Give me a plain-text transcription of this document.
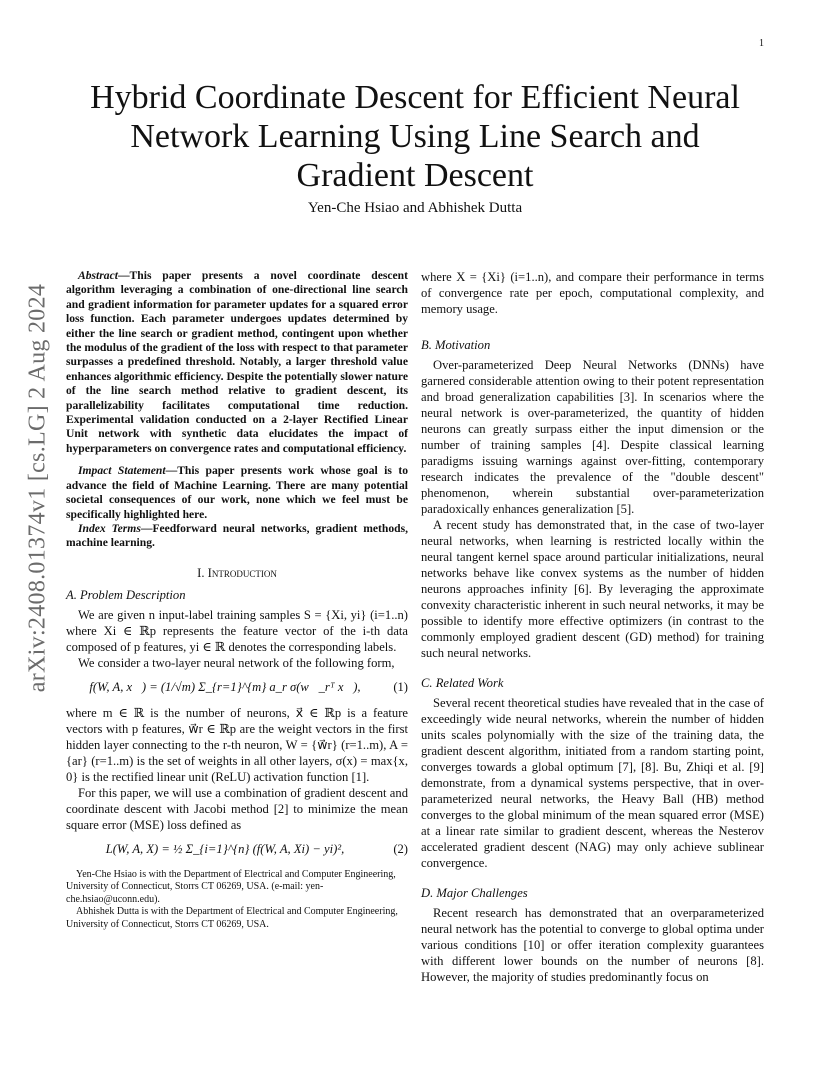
1
arXiv:2408.01374v1 [cs.LG] 2 Aug 2024
Hybrid Coordinate Descent for Efficient Neural Network Learning Using Line Search and Gradient Descent
Yen-Che Hsiao and Abhishek Dutta

Abstract—This paper presents a novel coordinate descent algorithm leveraging a combination of one-directional line search and gradient information for parameter updates for a squared error loss function. Each parameter undergoes updates determined by either the line search or gradient method, contingent upon whether the modulus of the gradient of the loss with respect to that parameter surpasses a predefined threshold. Notably, a larger threshold value enhances algorithmic efficiency. Despite the potentially slower nature of the line search method relative to gradient descent, its parallelizability facilitates computational time reduction. Experimental validation conducted on a 2-layer Rectified Linear Unit network with synthetic data elucidates the impact of hyperparameters on convergence rates and computational efficiency.

Impact Statement—This paper presents work whose goal is to advance the field of Machine Learning. There are many potential societal consequences of our work, none which we feel must be specifically highlighted here.

Index Terms—Feedforward neural networks, gradient methods, machine learning.

I. Introduction
A. Problem Description

We are given n input-label training samples S = {Xi, yi} (i=1..n) where Xi ∈ ℝp represents the feature vector of the i-th data composed of p features, yi ∈ ℝ denotes the corresponding labels.

We consider a two-layer neural network of the following form,

f(W, A, x⃗) = (1/√m) Σ_{r=1}^{m} a_r σ(w⃗_rᵀ x⃗),	(1)

where m ∈ ℝ is the number of neurons, x⃗ ∈ ℝp is a feature vectors with p features, w⃗r ∈ ℝp are the weight vectors in the first hidden layer connecting to the r-th neuron, W = {w⃗r} (r=1..m), A = {ar} (r=1..m) is the set of weights in all other layers, σ(x) = max{x, 0} is the rectified linear unit (ReLU) activation function [1].

For this paper, we will use a combination of gradient descent and coordinate descent with Jacobi method [2] to minimize the mean square error (MSE) loss defined as

L(W, A, X) = ½ Σ_{i=1}^{n} (f(W, A, Xi) − yi)²,	(2)

Yen-Che Hsiao is with the Department of Electrical and Computer Engineering, University of Connecticut, Storrs CT 06269, USA. (e-mail: yen-che.hsiao@uconn.edu).

Abhishek Dutta is with the Department of Electrical and Computer Engineering, University of Connecticut, Storrs CT 06269, USA.

where X = {Xi} (i=1..n), and compare their performance in terms of convergence rate per epoch, computational complexity, and memory usage.

B. Motivation

Over-parameterized Deep Neural Networks (DNNs) have garnered considerable attention owing to their potent representation and broad generalization capabilities [3]. In scenarios where the neural network is over-parameterized, the quantity of hidden neurons can greatly surpass either the input dimension or the number of training samples [4]. Despite classical learning paradigms issuing warnings against over-fitting, contemporary research indicates the prevalence of the "double descent" phenomenon, wherein substantial over-parameterization paradoxically enhances generalization [5].

A recent study has demonstrated that, in the case of two-layer neural networks, when learning is restricted locally within the neural tangent kernel space around particular initializations, neural networks behave like convex systems as the number of hidden neurons approaches infinity [6]. By leveraging the approximate convexity characteristic inherent in such neural networks, it may be possible to identify more effective optimizers (in contrast to the commonly employed gradient descent (GD) method) for training such neural networks.

C. Related Work

Several recent theoretical studies have revealed that in the case of exceedingly wide neural networks, wherein the number of hidden units scales polynomially with the size of the training data, the gradient descent algorithm, initiated from a random starting point, converges towards a global optimum [7], [8]. Bu, Zhiqi et al. [9] demonstrate, from a dynamical systems perspective, that in over-parameterized neural networks, the Heavy Ball (HB) method converges to the global minimum of the mean squared error (MSE) at a linear rate similar to gradient descent, whereas the Nesterov accelerated gradient descent (NAG) may only achieve sublinear convergence.

D. Major Challenges

Recent research has demonstrated that an overparameterized neural network has the potential to converge to global optima under various conditions [10] or offer iteration complexity guarantees with different lower bounds on the number of neurons [8]. However, the majority of studies predominantly focus on
